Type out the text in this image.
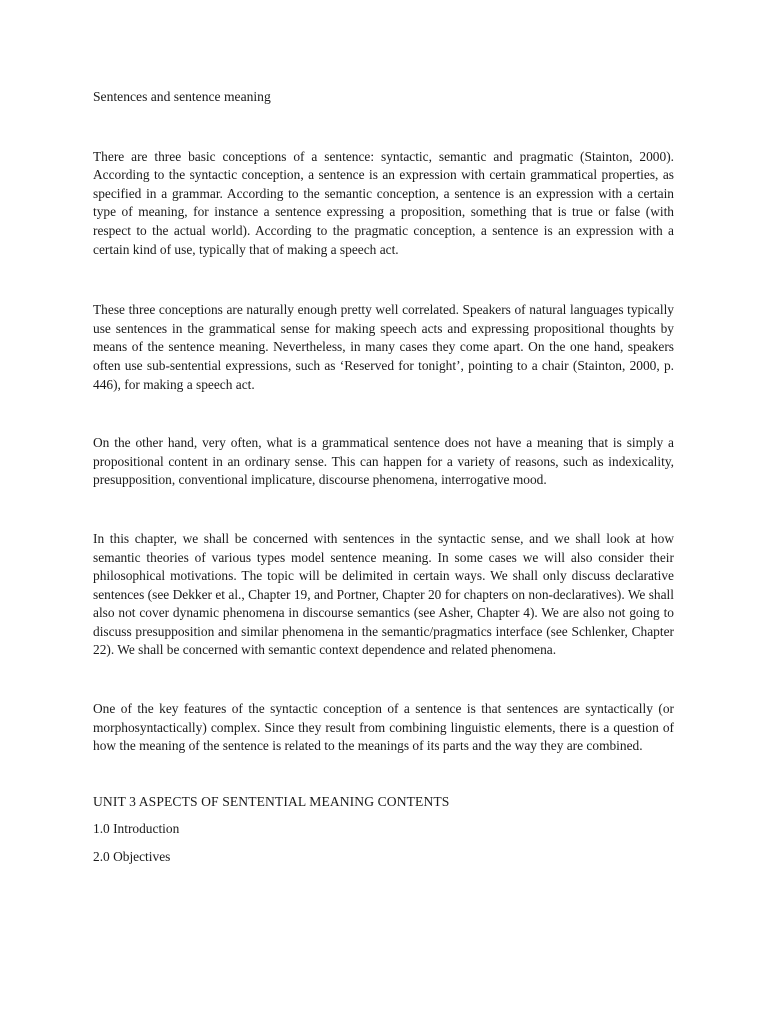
Sentences and sentence meaning

There are three basic conceptions of a sentence: syntactic, semantic and pragmatic (Stainton, 2000). According to the syntactic conception, a sentence is an expression with certain grammatical properties, as specified in a grammar. According to the semantic conception, a sentence is an expression with a certain type of meaning, for instance a sentence expressing a proposition, something that is true or false (with respect to the actual world). According to the pragmatic conception, a sentence is an expression with a certain kind of use, typically that of making a speech act.

These three conceptions are naturally enough pretty well correlated. Speakers of natural languages typically use sentences in the grammatical sense for making speech acts and expressing propositional thoughts by means of the sentence meaning. Nevertheless, in many cases they come apart. On the one hand, speakers often use sub-sentential expressions, such as ‘Reserved for tonight’, pointing to a chair (Stainton, 2000, p. 446), for making a speech act.

On the other hand, very often, what is a grammatical sentence does not have a meaning that is simply a propositional content in an ordinary sense. This can happen for a variety of reasons, such as indexicality, presupposition, conventional implicature, discourse phenomena, interrogative mood.

In this chapter, we shall be concerned with sentences in the syntactic sense, and we shall look at how semantic theories of various types model sentence meaning. In some cases we will also consider their philosophical motivations. The topic will be delimited in certain ways. We shall only discuss declarative sentences (see Dekker et al., Chapter 19, and Portner, Chapter 20 for chapters on non-declaratives). We shall also not cover dynamic phenomena in discourse semantics (see Asher, Chapter 4). We are also not going to discuss presupposition and similar phenomena in the semantic/pragmatics interface (see Schlenker, Chapter 22). We shall be concerned with semantic context dependence and related phenomena.

One of the key features of the syntactic conception of a sentence is that sentences are syntactically (or morphosyntactically) complex. Since they result from combining linguistic elements, there is a question of how the meaning of the sentence is related to the meanings of its parts and the way they are combined.

UNIT 3 ASPECTS OF SENTENTIAL MEANING CONTENTS
1.0 Introduction
2.0 Objectives
